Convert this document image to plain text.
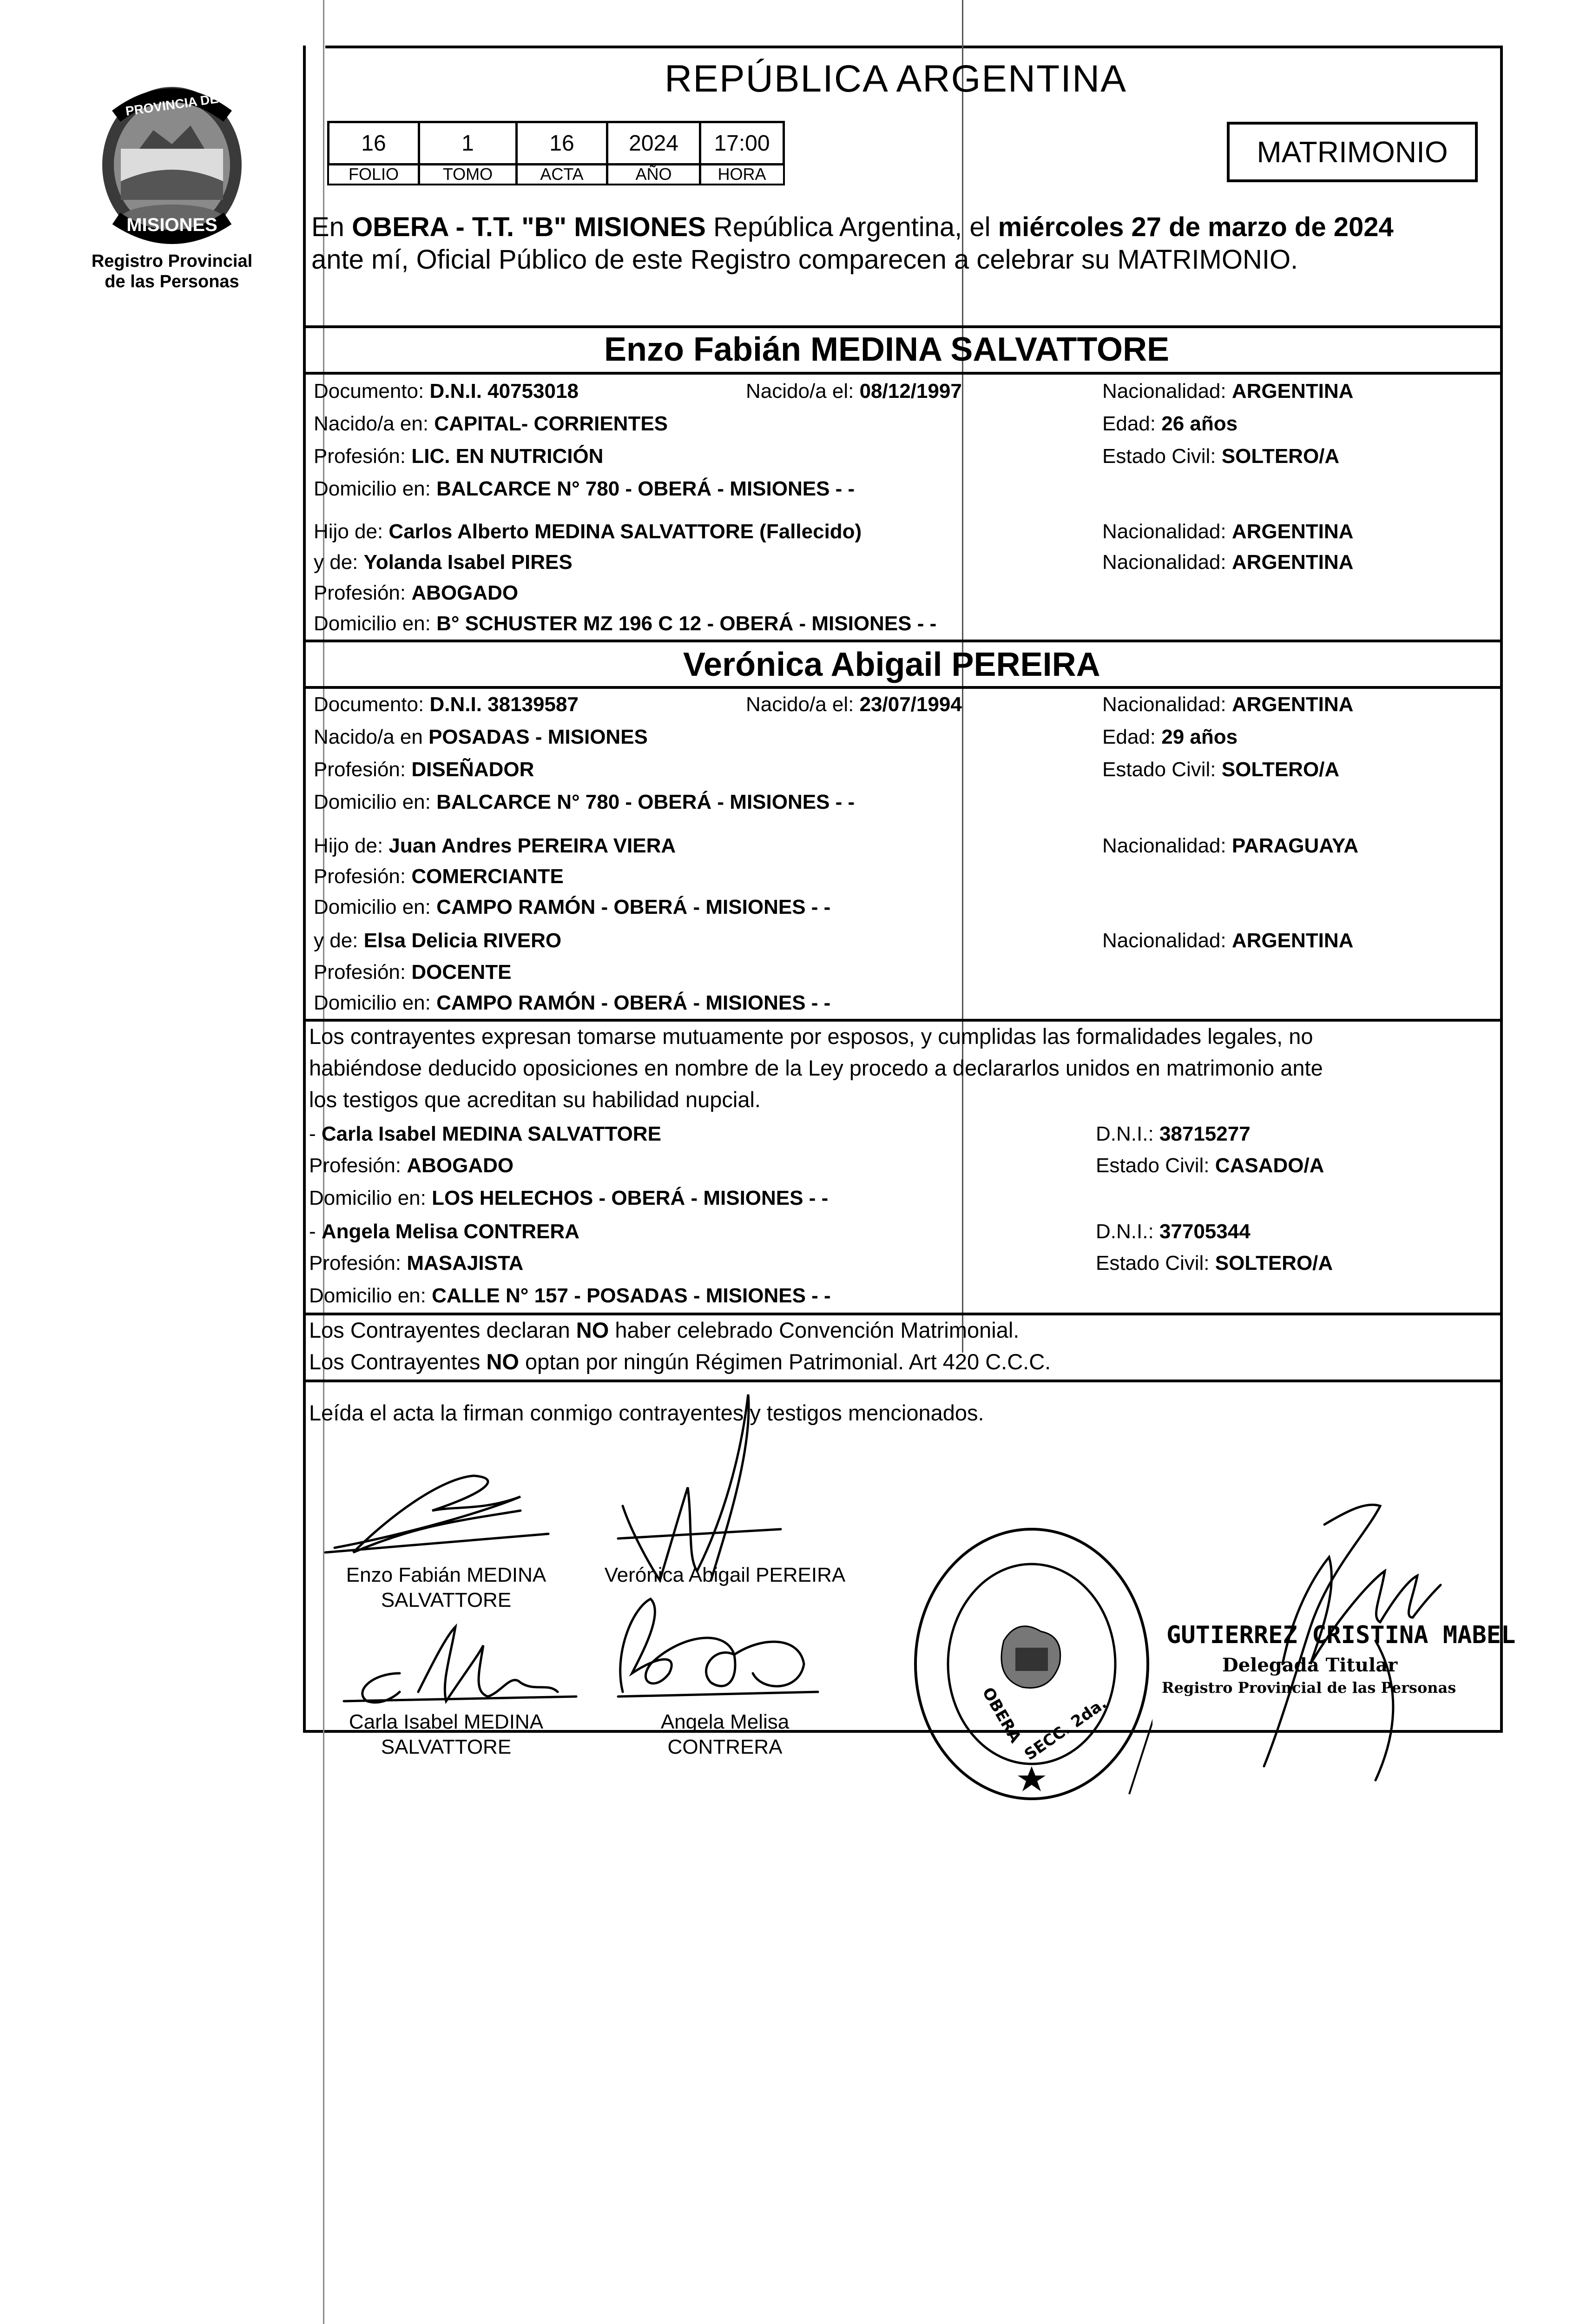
PROVINCIA DE
MISIONES
Registro Provincial
de las Personas
REPÚBLICA ARGENTINA
16	1	16	2024	17:00
FOLIO	TOMO	ACTA	AÑO	HORA
MATRIMONIO
En OBERA - T.T. "B" MISIONES República Argentina, el miércoles 27 de marzo de 2024
ante mí, Oficial Público de este Registro comparecen a celebrar su MATRIMONIO.
Enzo Fabián MEDINA SALVATTORE
Documento: D.N.I. 40753018	Nacido/a el: 08/12/1997	Nacionalidad: ARGENTINA
Nacido/a en: CAPITAL- CORRIENTES	Edad: 26 años
Profesión: LIC. EN NUTRICIÓN	Estado Civil: SOLTERO/A
Domicilio en: BALCARCE N° 780 - OBERÁ - MISIONES - -
Hijo de: Carlos Alberto MEDINA SALVATTORE (Fallecido)	Nacionalidad: ARGENTINA
y de: Yolanda Isabel PIRES	Nacionalidad: ARGENTINA
Profesión: ABOGADO
Domicilio en: B° SCHUSTER MZ 196 C 12 - OBERÁ - MISIONES - -
Verónica Abigail PEREIRA
Documento: D.N.I. 38139587	Nacido/a el: 23/07/1994	Nacionalidad: ARGENTINA
Nacido/a en POSADAS - MISIONES	Edad: 29 años
Profesión: DISEÑADOR	Estado Civil: SOLTERO/A
Domicilio en: BALCARCE N° 780 - OBERÁ - MISIONES - -
Hijo de: Juan Andres PEREIRA VIERA	Nacionalidad: PARAGUAYA
Profesión: COMERCIANTE
Domicilio en: CAMPO RAMÓN - OBERÁ - MISIONES - -
y de: Elsa Delicia RIVERO	Nacionalidad: ARGENTINA
Profesión: DOCENTE
Domicilio en: CAMPO RAMÓN - OBERÁ - MISIONES - -
Los contrayentes expresan tomarse mutuamente por esposos, y cumplidas las formalidades legales, no
habiéndose deducido oposiciones en nombre de la Ley procedo a declararlos unidos en matrimonio ante
los testigos que acreditan su habilidad nupcial.
- Carla Isabel MEDINA SALVATTORE	D.N.I.: 38715277
Profesión: ABOGADO	Estado Civil: CASADO/A
Domicilio en: LOS HELECHOS - OBERÁ - MISIONES - -
- Angela Melisa CONTRERA	D.N.I.: 37705344
Profesión: MASAJISTA	Estado Civil: SOLTERO/A
Domicilio en: CALLE N° 157 - POSADAS - MISIONES - -
Los Contrayentes declaran NO haber celebrado Convención Matrimonial.
Los Contrayentes NO optan por ningún Régimen Patrimonial. Art 420 C.C.C.
Leída el acta la firman conmigo contrayentes y testigos mencionados.
Enzo Fabián MEDINA
SALVATTORE
Verónica Abigail PEREIRA
Carla Isabel MEDINA
SALVATTORE
Angela Melisa CONTRERA
OBERA
SECC. 2da.
GUTIERREZ CRISTINA MABEL
Delegada Titular
Registro Provincial de las Personas
